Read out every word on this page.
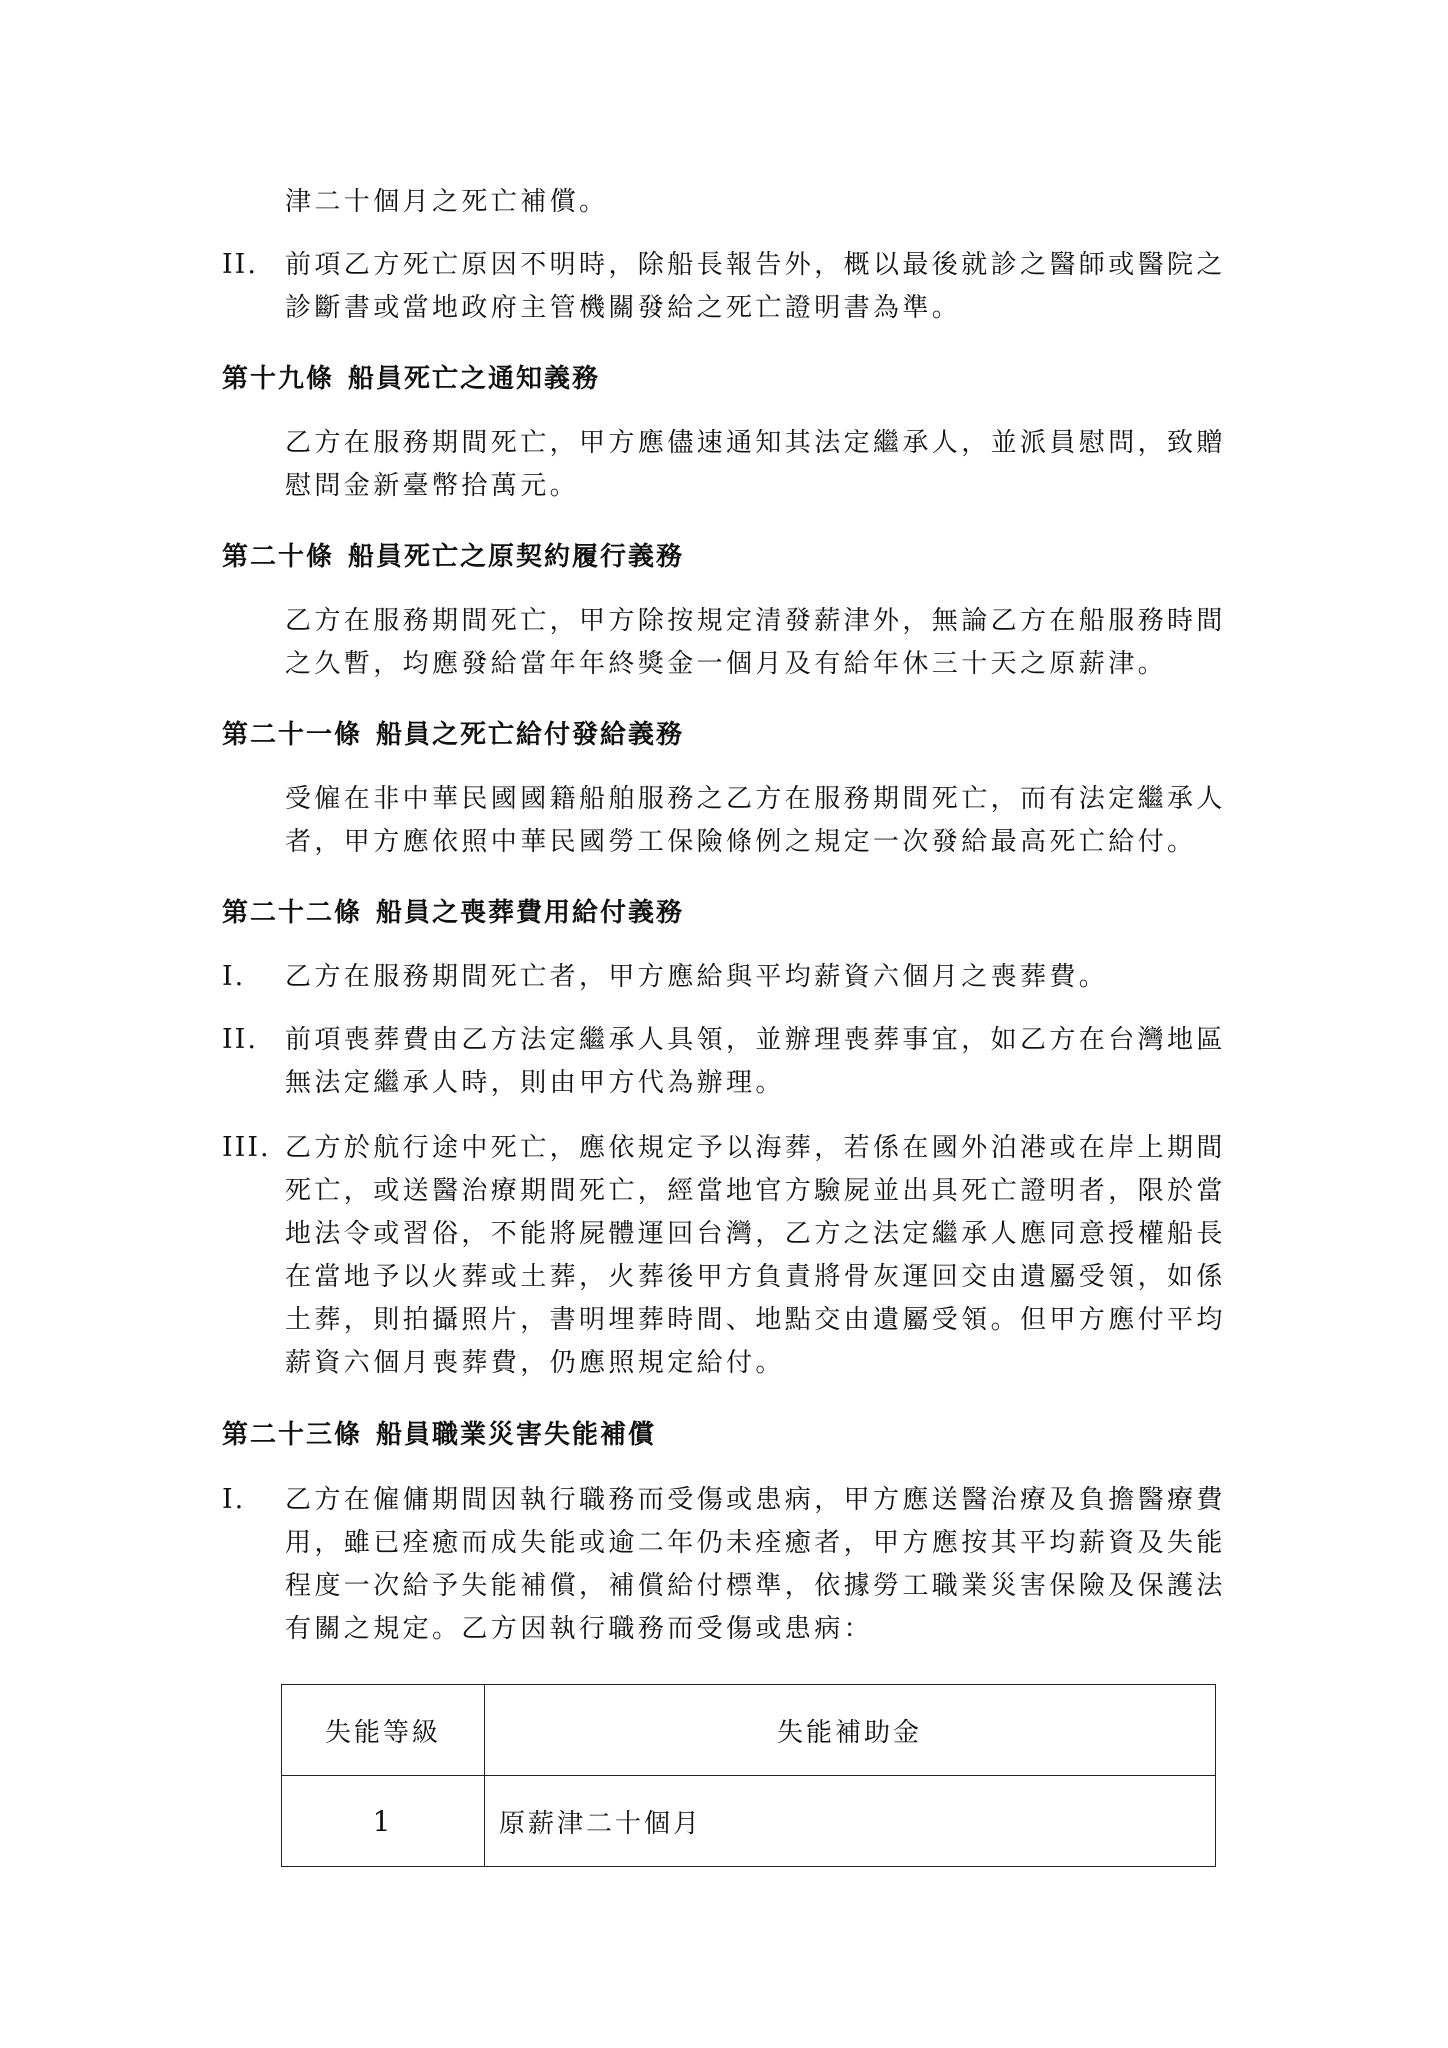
津二十個月之死亡補償。
II. 前項乙方死亡原因不明時，除船長報告外，概以最後就診之醫師或醫院之
診斷書或當地政府主管機關發給之死亡證明書為準。
第十九條 船員死亡之通知義務
乙方在服務期間死亡，甲方應儘速通知其法定繼承人，並派員慰問，致贈
慰問金新臺幣拾萬元。
第二十條 船員死亡之原契約履行義務
乙方在服務期間死亡，甲方除按規定清發薪津外，無論乙方在船服務時間
之久暫，均應發給當年年終獎金一個月及有給年休三十天之原薪津。
第二十一條 船員之死亡給付發給義務
受僱在非中華民國國籍船舶服務之乙方在服務期間死亡，而有法定繼承人
者，甲方應依照中華民國勞工保險條例之規定一次發給最高死亡給付。
第二十二條 船員之喪葬費用給付義務
I. 乙方在服務期間死亡者，甲方應給與平均薪資六個月之喪葬費。
II. 前項喪葬費由乙方法定繼承人具領，並辦理喪葬事宜，如乙方在台灣地區
無法定繼承人時，則由甲方代為辦理。
III. 乙方於航行途中死亡，應依規定予以海葬，若係在國外泊港或在岸上期間
死亡，或送醫治療期間死亡，經當地官方驗屍並出具死亡證明者，限於當
地法令或習俗，不能將屍體運回台灣，乙方之法定繼承人應同意授權船長
在當地予以火葬或土葬，火葬後甲方負責將骨灰運回交由遺屬受領，如係
土葬，則拍攝照片，書明埋葬時間、地點交由遺屬受領。但甲方應付平均
薪資六個月喪葬費，仍應照規定給付。
第二十三條 船員職業災害失能補償
I. 乙方在僱傭期間因執行職務而受傷或患病，甲方應送醫治療及負擔醫療費
用，雖已痊癒而成失能或逾二年仍未痊癒者，甲方應按其平均薪資及失能
程度一次給予失能補償，補償給付標準，依據勞工職業災害保險及保護法
有關之規定。乙方因執行職務而受傷或患病：
失能等級	失能補助金
1	原薪津二十個月
